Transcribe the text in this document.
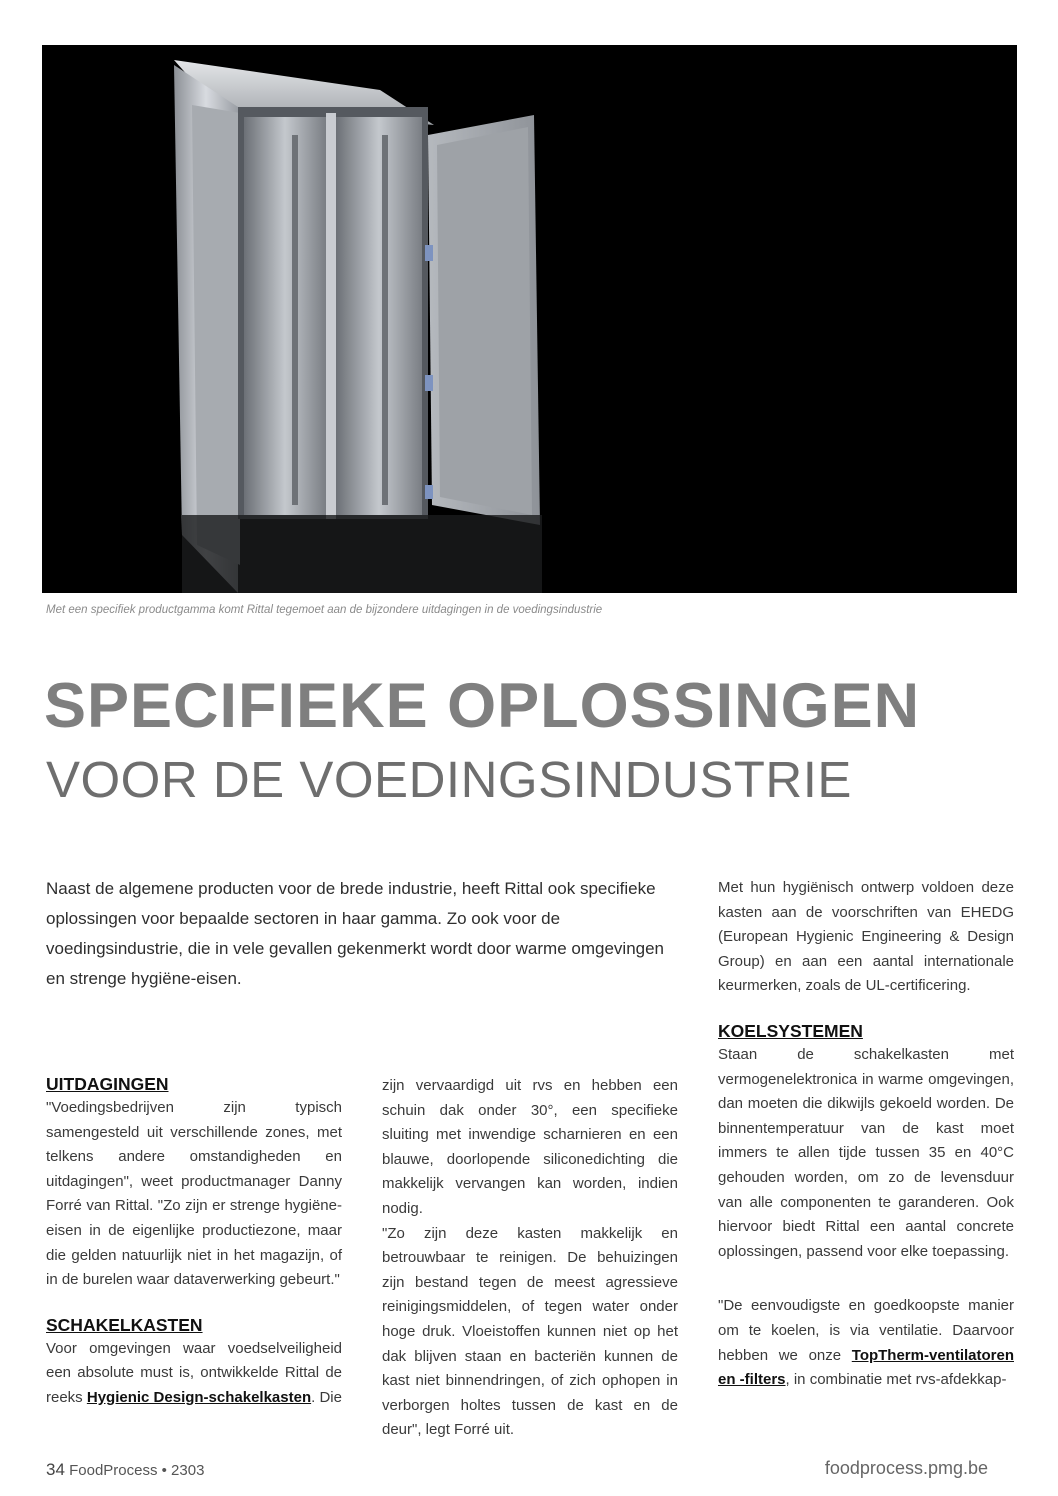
Met een specifiek productgamma komt Rittal tegemoet aan de bijzondere uitdagingen in de voedingsindustrie
SPECIFIEKE OPLOSSINGEN
VOOR DE VOEDINGSINDUSTRIE
Naast de algemene producten voor de brede industrie, heeft Rittal ook specifieke oplossingen voor bepaalde sectoren in haar gamma. Zo ook voor de voedingsindustrie, die in vele gevallen gekenmerkt wordt door warme omgevingen en strenge hygiëne-eisen.
UITDAGINGEN

"Voedingsbedrijven zijn typisch samengesteld uit verschillende zones, met telkens andere omstandigheden en uitdagingen", weet productmanager Danny Forré van Rittal. "Zo zijn er strenge hygiëne-eisen in de eigenlijke productiezone, maar die gelden natuurlijk niet in het magazijn, of in de burelen waar dataverwerking gebeurt."

SCHAKELKASTEN

Voor omgevingen waar voedselveiligheid een absolute must is, ontwikkelde Rittal de reeks Hygienic Design-schakelkasten. Die

zijn vervaardigd uit rvs en hebben een schuin dak onder 30°, een specifieke sluiting met inwendige scharnieren en een blauwe, doorlopende siliconedichting die makkelijk vervangen kan worden, indien nodig.

"Zo zijn deze kasten makkelijk en betrouwbaar te reinigen. De behuizingen zijn bestand tegen de meest agressieve reinigingsmiddelen, of tegen water onder hoge druk. Vloeistoffen kunnen niet op het dak blijven staan en bacteriën kunnen de kast niet binnendringen, of zich ophopen in verborgen holtes tussen de kast en de deur", legt Forré uit.

Met hun hygiënisch ontwerp voldoen deze kasten aan de voorschriften van EHEDG (European Hygienic Engineering & Design Group) en aan een aantal internationale keurmerken, zoals de UL-certificering.

KOELSYSTEMEN

Staan de schakelkasten met vermogenelektronica in warme omgevingen, dan moeten die dikwijls gekoeld worden. De binnentemperatuur van de kast moet immers te allen tijde tussen 35 en 40°C gehouden worden, om zo de levensduur van alle componenten te garanderen. Ook hiervoor biedt Rittal een aantal concrete oplossingen, passend voor elke toepassing.

"De eenvoudigste en goedkoopste manier om te koelen, is via ventilatie. Daarvoor hebben we onze TopTherm-ventilatoren en -filters, in combinatie met rvs-afdekkap-

34 FoodProcess • 2303	foodprocess.pmg.be
